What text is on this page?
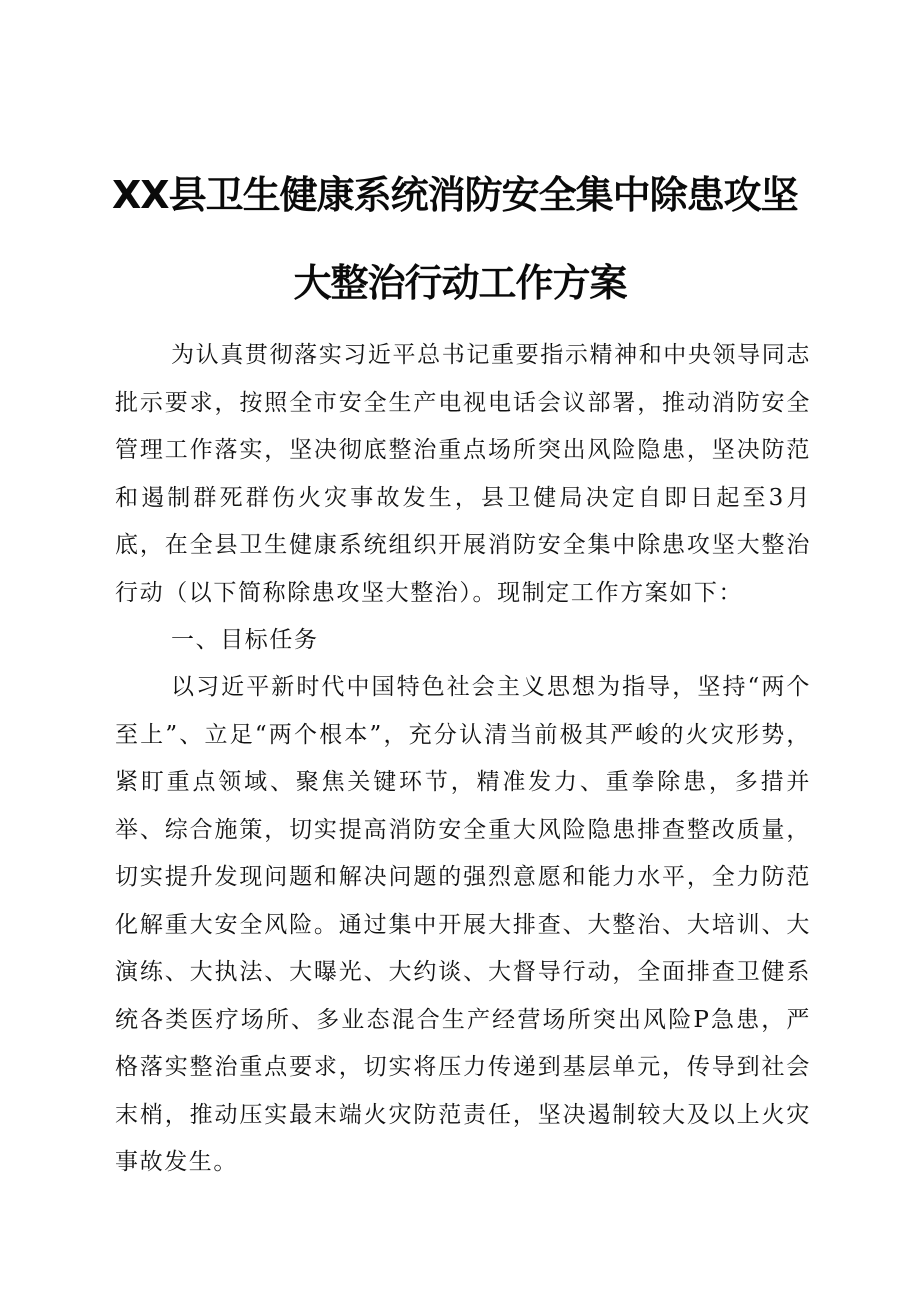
XX县卫生健康系统消防安全集中除患攻坚
大整治行动工作方案

为认真贯彻落实习近平总书记重要指示精神和中央领导同志批示要求，按照全市安全生产电视电话会议部署，推动消防安全管理工作落实，坚决彻底整治重点场所突出风险隐患，坚决防范和遏制群死群伤火灾事故发生，县卫健局决定自即日起至3月底，在全县卫生健康系统组织开展消防安全集中除患攻坚大整治行动（以下简称除患攻坚大整治）。现制定工作方案如下：

一、目标任务

以习近平新时代中国特色社会主义思想为指导，坚持“两个至上”、立足“两个根本”，充分认清当前极其严峻的火灾形势，紧盯重点领域、聚焦关键环节，精准发力、重拳除患，多措并举、综合施策，切实提高消防安全重大风险隐患排查整改质量，切实提升发现问题和解决问题的强烈意愿和能力水平，全力防范化解重大安全风险。通过集中开展大排查、大整治、大培训、大演练、大执法、大曝光、大约谈、大督导行动，全面排查卫健系统各类医疗场所、多业态混合生产经营场所突出风险P急患，严格落实整治重点要求，切实将压力传递到基层单元，传导到社会末梢，推动压实最末端火灾防范责任，坚决遏制较大及以上火灾事故发生。
